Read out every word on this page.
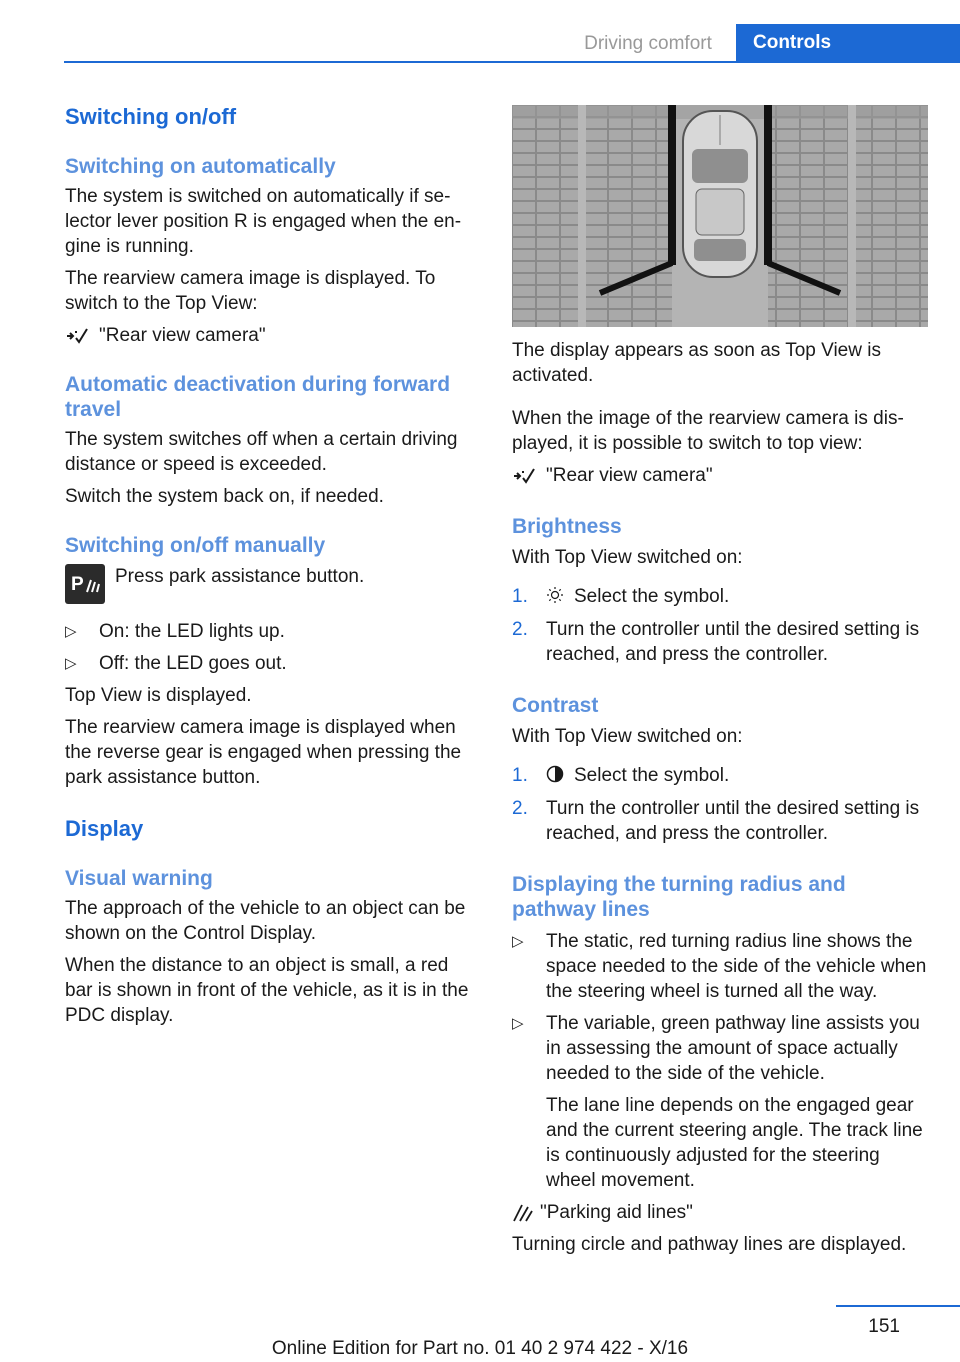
Driving comfort	Controls
Switching on/off
Switching on automatically

The system is switched on automatically if selector lever position R is engaged when the engine is running.

The rearview camera image is displayed. To switch to the Top View:

"Rear view camera"
Automatic deactivation during forward travel

The system switches off when a certain driving distance or speed is exceeded.

Switch the system back on, if needed.

Switching on/off manually
P Press park assistance button.
▷	On: the LED lights up.
▷	Off: the LED goes out.

Top View is displayed.

The rearview camera image is displayed when the reverse gear is engaged when pressing the park assistance button.

Display
Visual warning

The approach of the vehicle to an object can be shown on the Control Display.

When the distance to an object is small, a red bar is shown in front of the vehicle, as it is in the PDC display.

The display appears as soon as Top View is activated.

When the image of the rearview camera is displayed, it is possible to switch to top view:

"Rear view camera"
Brightness

With Top View switched on:

1.	Select the symbol.
2. Turn the controller until the desired setting is reached, and press the controller.
Contrast

With Top View switched on:

1.	Select the symbol.
2. Turn the controller until the desired setting is reached, and press the controller.
Displaying the turning radius and pathway lines
▷	The static, red turning radius line shows the space needed to the side of the vehicle when the steering wheel is turned all the way.
▷	The variable, green pathway line assists you in assessing the amount of space actually needed to the side of the vehicle.

The lane line depends on the engaged gear and the current steering angle. The track line is continuously adjusted for the steering wheel movement.

"Parking aid lines"

Turning circle and pathway lines are displayed.

151
Online Edition for Part no. 01 40 2 974 422 - X/16
